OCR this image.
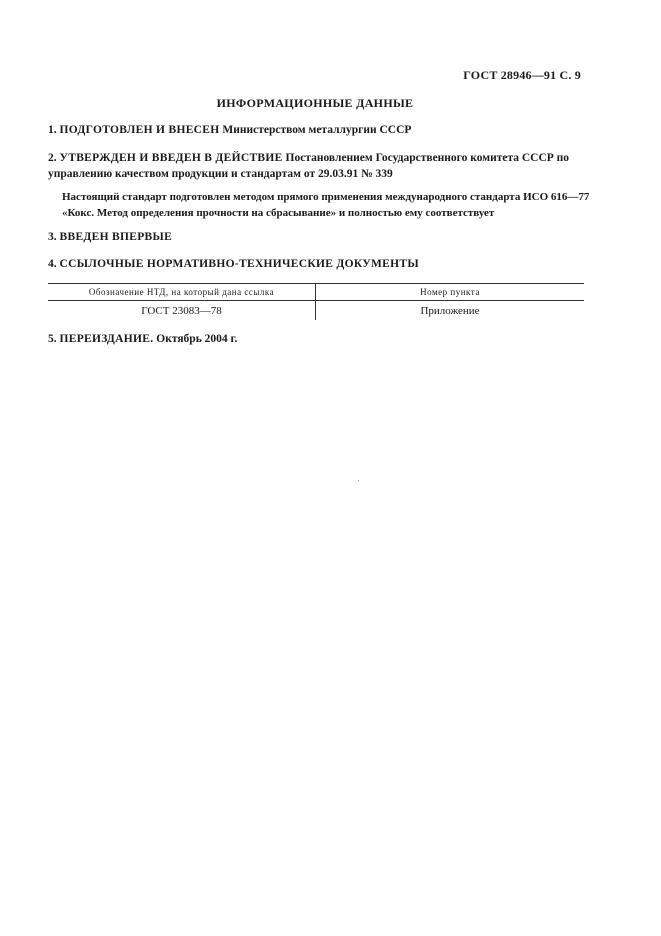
ГОСТ 28946—91 С. 9
ИНФОРМАЦИОННЫЕ ДАННЫЕ
1. ПОДГОТОВЛЕН И ВНЕСЕН Министерством металлургии СССР
2. УТВЕРЖДЕН И ВВЕДЕН В ДЕЙСТВИЕ Постановлением Государственного комитета СССР по управлению качеством продукции и стандартам от 29.03.91 № 339
Настоящий стандарт подготовлен методом прямого применения международного стандарта ИСО 616—77 «Кокс. Метод определения прочности на сбрасывание» и полностью ему соответствует
3. ВВЕДЕН ВПЕРВЫЕ
4. ССЫЛОЧНЫЕ НОРМАТИВНО-ТЕХНИЧЕСКИЕ ДОКУМЕНТЫ
Обозначение НТД, на который дана ссылка	Номер пункта
ГОСТ 23083—78	Приложение
5. ПЕРЕИЗДАНИЕ. Октябрь 2004 г.
